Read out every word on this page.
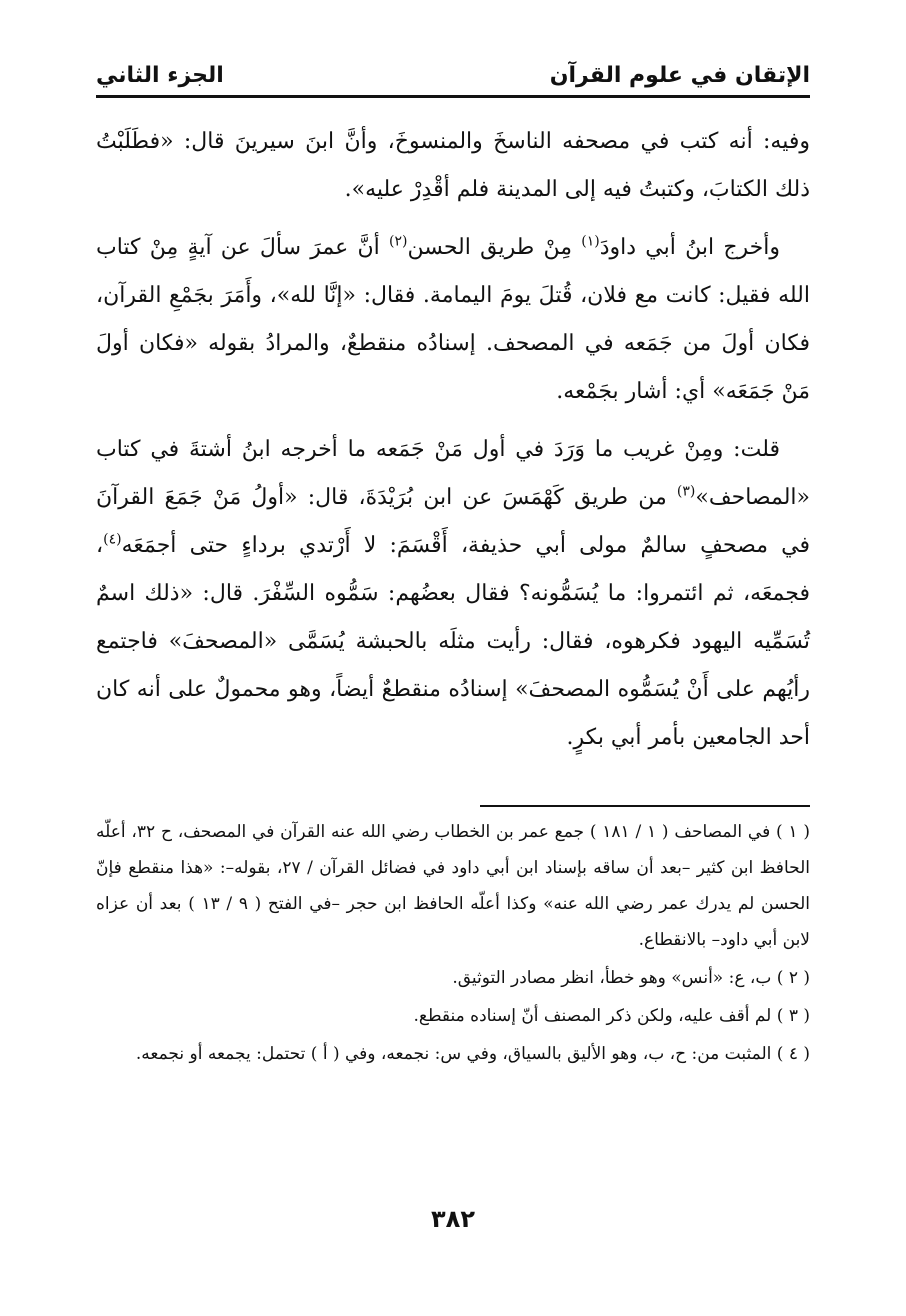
الإتقان في علوم القرآن
الجزء الثاني

وفيه: أنه كتب في مصحفه الناسخَ والمنسوخَ، وأنَّ ابنَ سيرينَ قال: «فطَلَبْتُ ذلك الكتابَ، وكتبتُ فيه إلى المدينة فلم أقْدِرْ عليه».

وأخرج ابنُ أبي داودَ$^{(١)}$ مِنْ طريق الحسن$^{(٢)}$ أنَّ عمرَ سألَ عن آيةٍ مِنْ كتاب الله فقيل: كانت مع فلان، قُتلَ يومَ اليمامة. فقال: «إنَّا لله»، وأَمَرَ بجَمْعِ القرآن، فكان أولَ من جَمَعه في المصحف. إسنادُه منقطعٌ، والمرادُ بقوله «فكان أولَ مَنْ جَمَعَه» أي: أشار بجَمْعه.

قلت: ومِنْ غريب ما وَرَدَ في أول مَنْ جَمَعه ما أخرجه ابنُ أشتةَ في كتاب «المصاحف»$^{(٣)}$ من طريق كَهْمَسَ عن ابن بُرَيْدَةَ، قال: «أولُ مَنْ جَمَعَ القرآنَ في مصحفٍ سالمٌ مولى أبي حذيفة، أَقْسَمَ: لا أَرْتدي برداءٍ حتى أجمَعَه$^{(٤)}$، فجمعَه، ثم ائتمروا: ما يُسَمُّونه؟ فقال بعضُهم: سَمُّوه السِّفْرَ. قال: «ذلك اسمٌ تُسَمِّيه اليهود فكرهوه، فقال: رأيت مثلَه بالحبشة يُسَمَّى «المصحفَ» فاجتمع رأيُهم على أَنْ يُسَمُّوه المصحفَ» إسنادُه منقطعٌ أيضاً، وهو محمولٌ على أنه كان أحد الجامعين بأمر أبي بكرٍ.

( ١ ) في المصاحف ( ١ / ١٨١ ) جمع عمر بن الخطاب رضي الله عنه القرآن في المصحف، ح ٣٢، أعلّه الحافظ ابن كثير –بعد أن ساقه بإسناد ابن أبي داود في فضائل القرآن / ٢٧، بقوله–: «هذا منقطع فإنّ الحسن لم يدرك عمر رضي الله عنه» وكذا أعلّه الحافظ ابن حجر –في الفتح ( ٩ / ١٣ ) بعد أن عزاه لابن أبي داود– بالانقطاع.

( ٢ ) ب، ع: «أنس» وهو خطأ، انظر مصادر التوثيق.

( ٣ ) لم أقف عليه، ولكن ذكر المصنف أنّ إسناده منقطع.

( ٤ ) المثبت من: ح، ب، وهو الأليق بالسياق، وفي س: نجمعه، وفي ( أ ) تحتمل: يجمعه أو نجمعه.

٣٨٢
